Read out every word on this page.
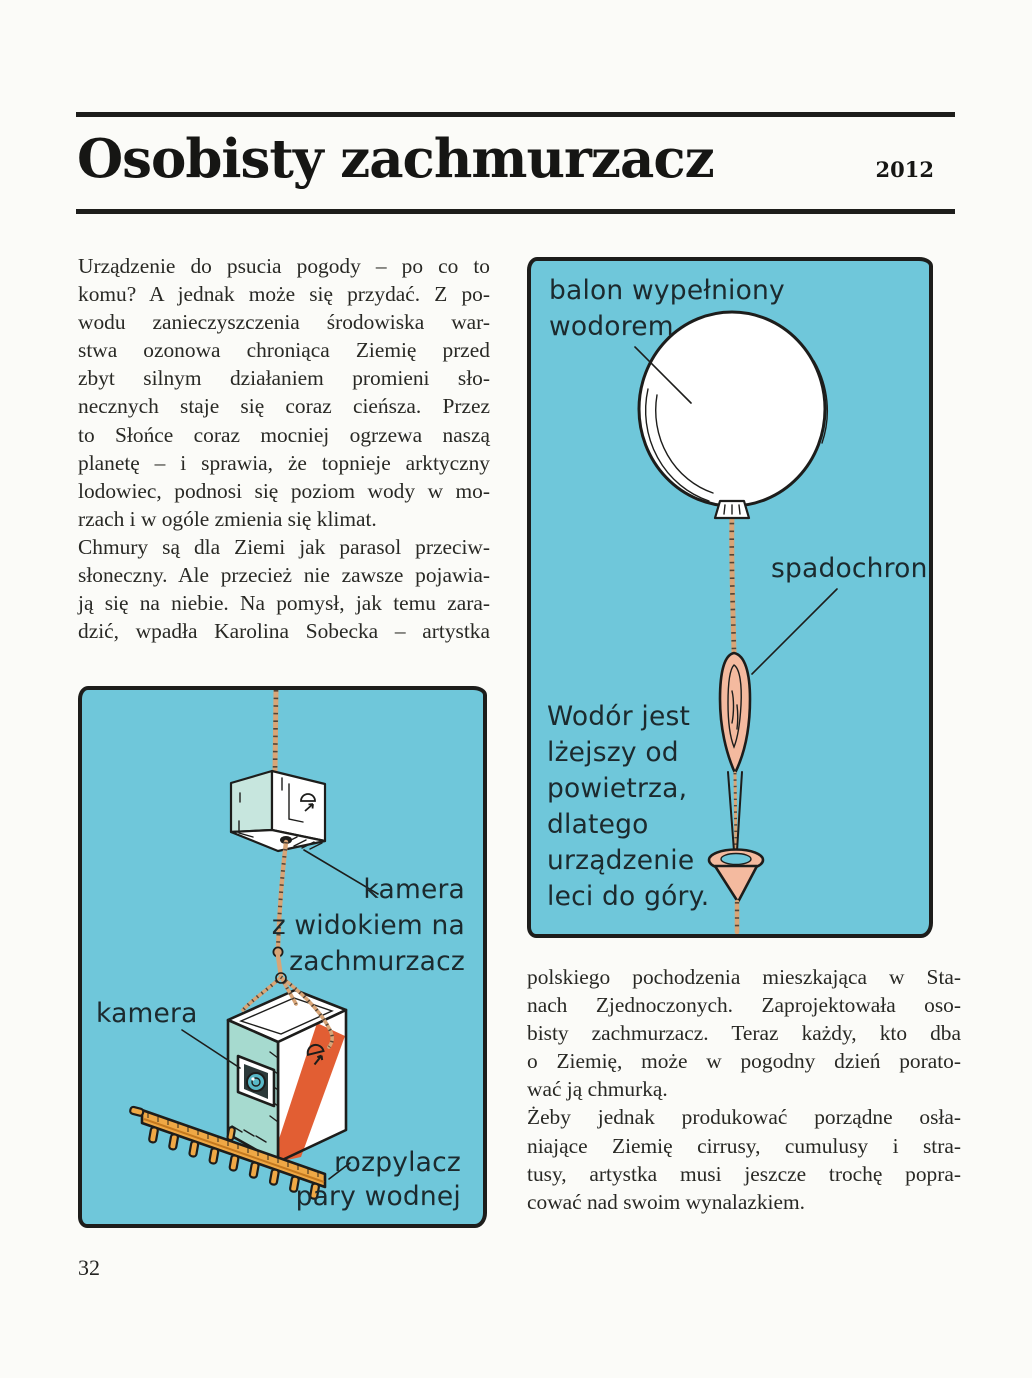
Osobisty zachmurzacz	2012
Urządzenie do psucia pogody – po co to
komu? A jednak może się przydać. Z po-
wodu zanieczyszczenia środowiska war-
stwa ozonowa chroniąca Ziemię przed
zbyt silnym działaniem promieni sło-
necznych staje się coraz cieńsza. Przez
to Słońce coraz mocniej ogrzewa naszą
planetę – i sprawia, że topnieje arktyczny
lodowiec, podnosi się poziom wody w mo-
rzach i w ogóle zmienia się klimat.
Chmury są dla Ziemi jak parasol przeciw-
słoneczny. Ale przecież nie zawsze pojawia-
ją się na niebie. Na pomysł, jak temu zara-
dzić, wpadła Karolina Sobecka – artystka
polskiego pochodzenia mieszkająca w Sta-
nach Zjednoczonych. Zaprojektowała oso-
bisty zachmurzacz. Teraz każdy, kto dba
o Ziemię, może w pogodny dzień porato-
wać ją chmurką.
Żeby jednak produkować porządne osła-
niające Ziemię cirrusy, cumulusy i stra-
tusy, artystka musi jeszcze trochę popra-
cować nad swoim wynalazkiem.
balon wypełniony
wodorem
spadochron
Wodór jest
lżejszy od
powietrza,
dlatego
urządzenie
leci do góry.
kamera
z widokiem na
zachmurzacz
kamera
rozpylacz
pary wodnej
32
